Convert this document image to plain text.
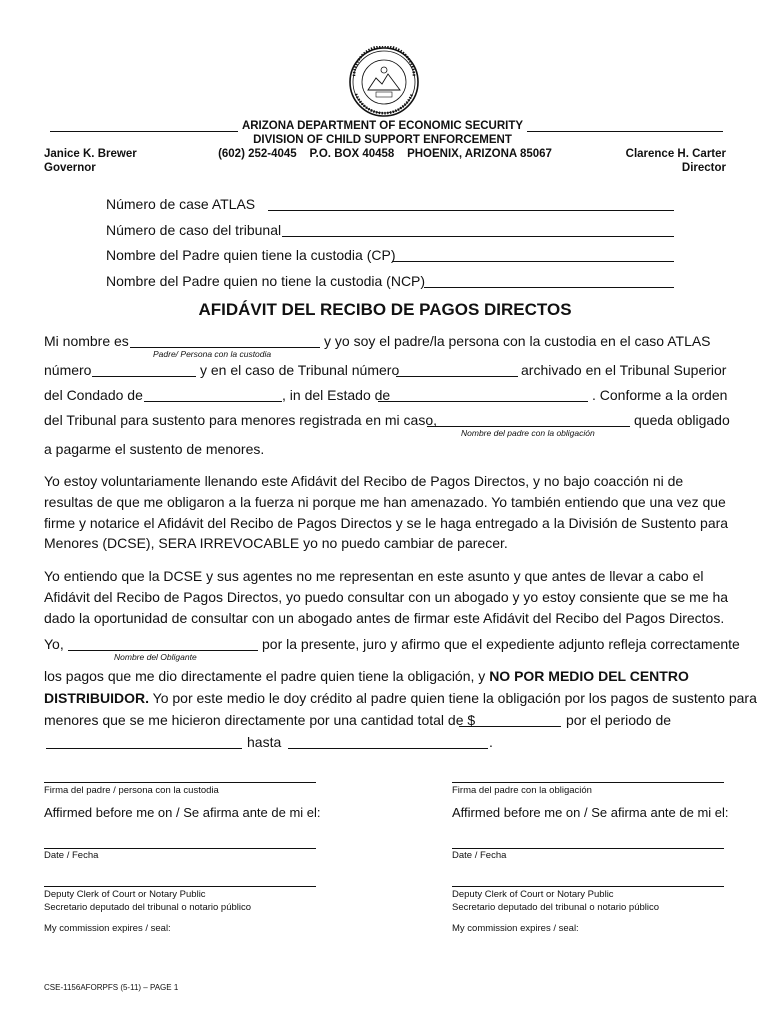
ARIZONA DEPARTMENT OF ECONOMIC SECURITY
DIVISION OF CHILD SUPPORT ENFORCEMENT
(602) 252-4045    P.O. BOX 40458    PHOENIX, ARIZONA 85067
Janice K. Brewer
Governor
Clarence H. Carter
Director
Número de case ATLAS
Número de caso del tribunal
Nombre del Padre quien tiene la custodia (CP)
Nombre del Padre quien no tiene la custodia (NCP)
AFIDÁVIT DEL RECIBO DE PAGOS DIRECTOS
Mi nombre es	y yo soy el padre/la persona con la custodia en el caso ATLAS
Padre/ Persona con la custodia
número	y en el caso de Tribunal número	archivado en el Tribunal Superior
del Condado de	, in del Estado de	. Conforme a la orden
del Tribunal para sustento para menores registrada en mi caso,	queda obligado
Nombre del padre con la obligación
a pagarme el sustento de menores.
Yo estoy voluntariamente llenando este Afidávit del Recibo de Pagos Directos, y no bajo coacción ni de resultas de que me obligaron a la fuerza ni porque me han amenazado. Yo también entiendo que una vez que firme y notarice el Afidávit del Recibo de Pagos Directos y se le haga entregado a la División de Sustento para Menores (DCSE), SERA IRREVOCABLE yo no puedo cambiar de parecer.
Yo entiendo que la DCSE y sus agentes no me representan en este asunto y que antes de llevar a cabo el Afidávit del Recibo de Pagos Directos, yo puedo consultar con un abogado y yo estoy consiente que se me ha dado la oportunidad de consultar con un abogado antes de firmar este Afidávit del Recibo del Pagos Directos.
Yo,	por la presente, juro y afirmo que el expediente adjunto refleja correctamente
Nombre del Obligante
los pagos que me dio directamente el padre quien tiene la obligación, y NO POR MEDIO DEL CENTRO
DISTRIBUIDOR. Yo por este medio le doy crédito al padre quien tiene la obligación por los pagos de sustento para
menores que se me hicieron directamente por una cantidad total de $	por el periodo de
hasta	.
Firma del padre / persona con la custodia
Affirmed before me on / Se afirma ante de mi el:
Date / Fecha
Deputy Clerk of Court or Notary Public
Secretario deputado del tribunal o notario público
My commission expires / seal:
Firma del padre con la obligación
Affirmed before me on / Se afirma ante de mi el:
Date / Fecha
Deputy Clerk of Court or Notary Public
Secretario deputado del tribunal o notario público
My commission expires / seal:
CSE-1156AFORPFS (5-11) – PAGE 1
